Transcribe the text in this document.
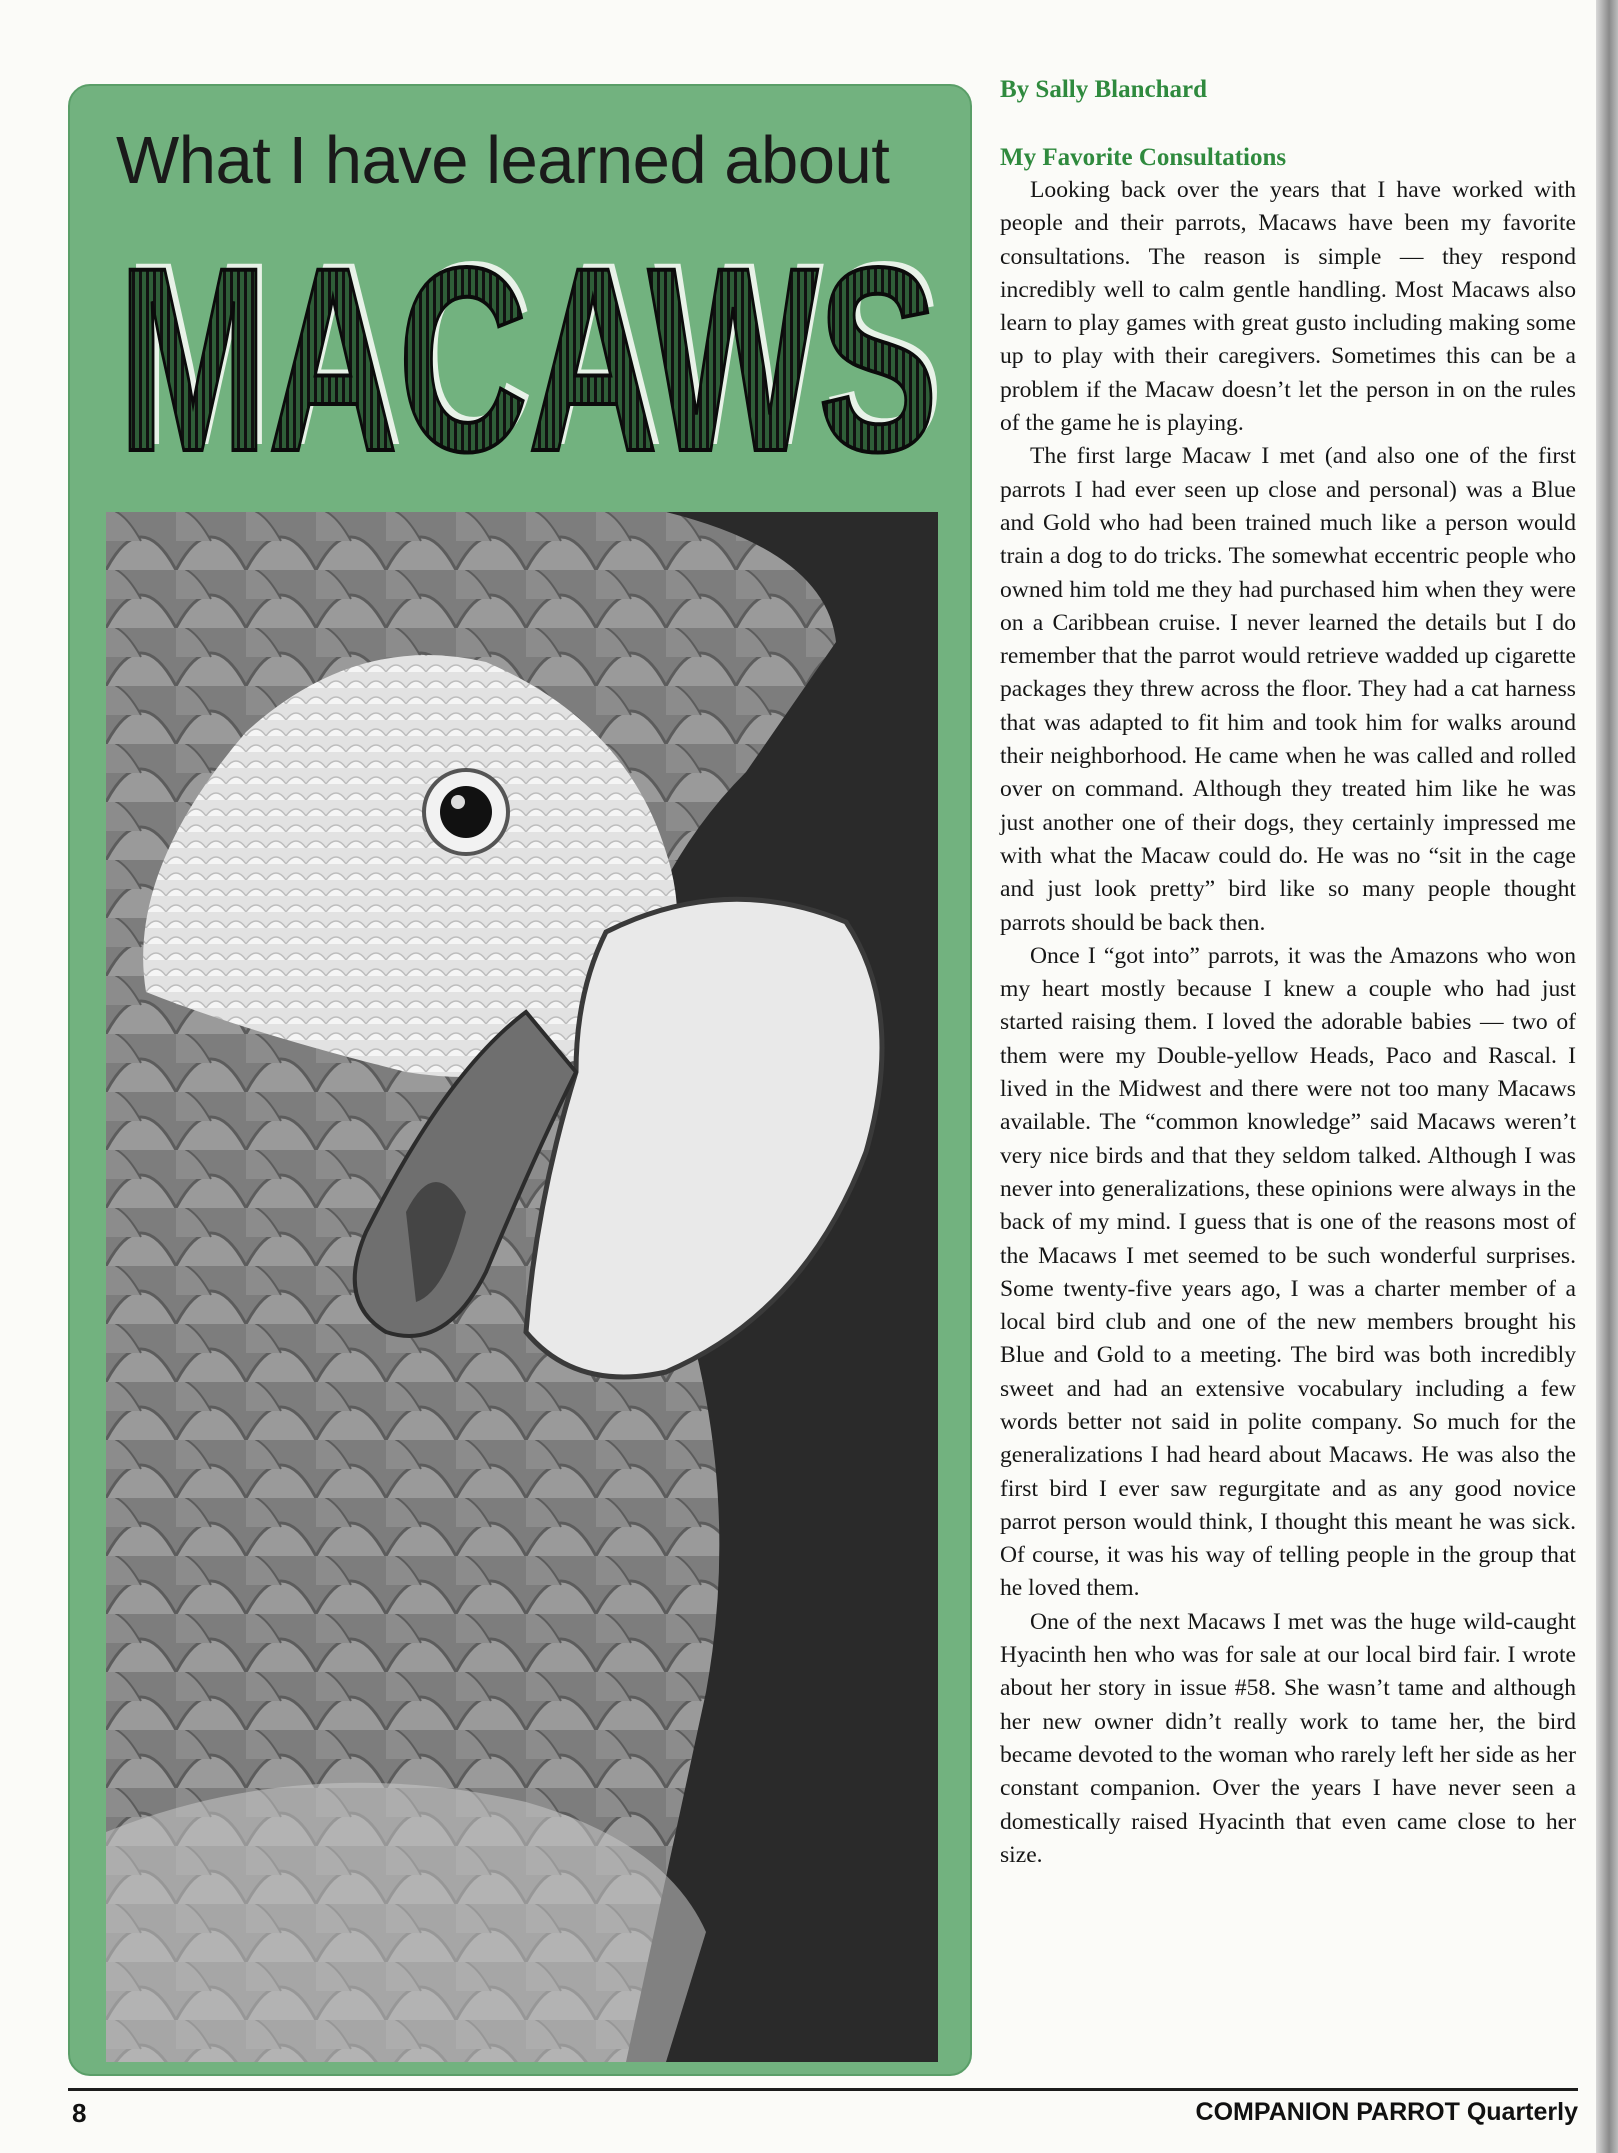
What I have learned about
MACAWS
MACAWS
By Sally Blanchard
My Favorite Consultations

Looking back over the years that I have worked with people and their parrots, Macaws have been my favorite consultations. The reason is simple — they respond incredibly well to calm gentle handling. Most Macaws also learn to play games with great gusto including making some up to play with their caregivers. Sometimes this can be a problem if the Macaw doesn’t let the person in on the rules of the game he is playing.

The first large Macaw I met (and also one of the first parrots I had ever seen up close and personal) was a Blue and Gold who had been trained much like a person would train a dog to do tricks. The somewhat eccentric people who owned him told me they had purchased him when they were on a Caribbean cruise. I never learned the details but I do remember that the parrot would retrieve wadded up cigarette packages they threw across the floor. They had a cat harness that was adapted to fit him and took him for walks around their neighborhood. He came when he was called and rolled over on command. Although they treated him like he was just another one of their dogs, they certainly impressed me with what the Macaw could do. He was no “sit in the cage and just look pretty” bird like so many people thought parrots should be back then.

Once I “got into” parrots, it was the Amazons who won my heart mostly because I knew a couple who had just started raising them. I loved the adorable babies — two of them were my Double-yellow Heads, Paco and Rascal. I lived in the Midwest and there were not too many Macaws available. The “common knowledge” said Macaws weren’t very nice birds and that they seldom talked. Although I was never into generalizations, these opinions were always in the back of my mind. I guess that is one of the reasons most of the Macaws I met seemed to be such wonderful surprises. Some twenty-five years ago, I was a charter member of a local bird club and one of the new members brought his Blue and Gold to a meeting. The bird was both incredibly sweet and had an extensive vocabulary including a few words better not said in polite company. So much for the generalizations I had heard about Macaws. He was also the first bird I ever saw regurgitate and as any good novice parrot person would think, I thought this meant he was sick. Of course, it was his way of telling people in the group that he loved them.

One of the next Macaws I met was the huge wild-caught Hyacinth hen who was for sale at our local bird fair. I wrote about her story in issue #58. She wasn’t tame and although her new owner didn’t really work to tame her, the bird became devoted to the woman who rarely left her side as her constant companion. Over the years I have never seen a domestically raised Hyacinth that even came close to her size.

8	COMPANION PARROT Quarterly
